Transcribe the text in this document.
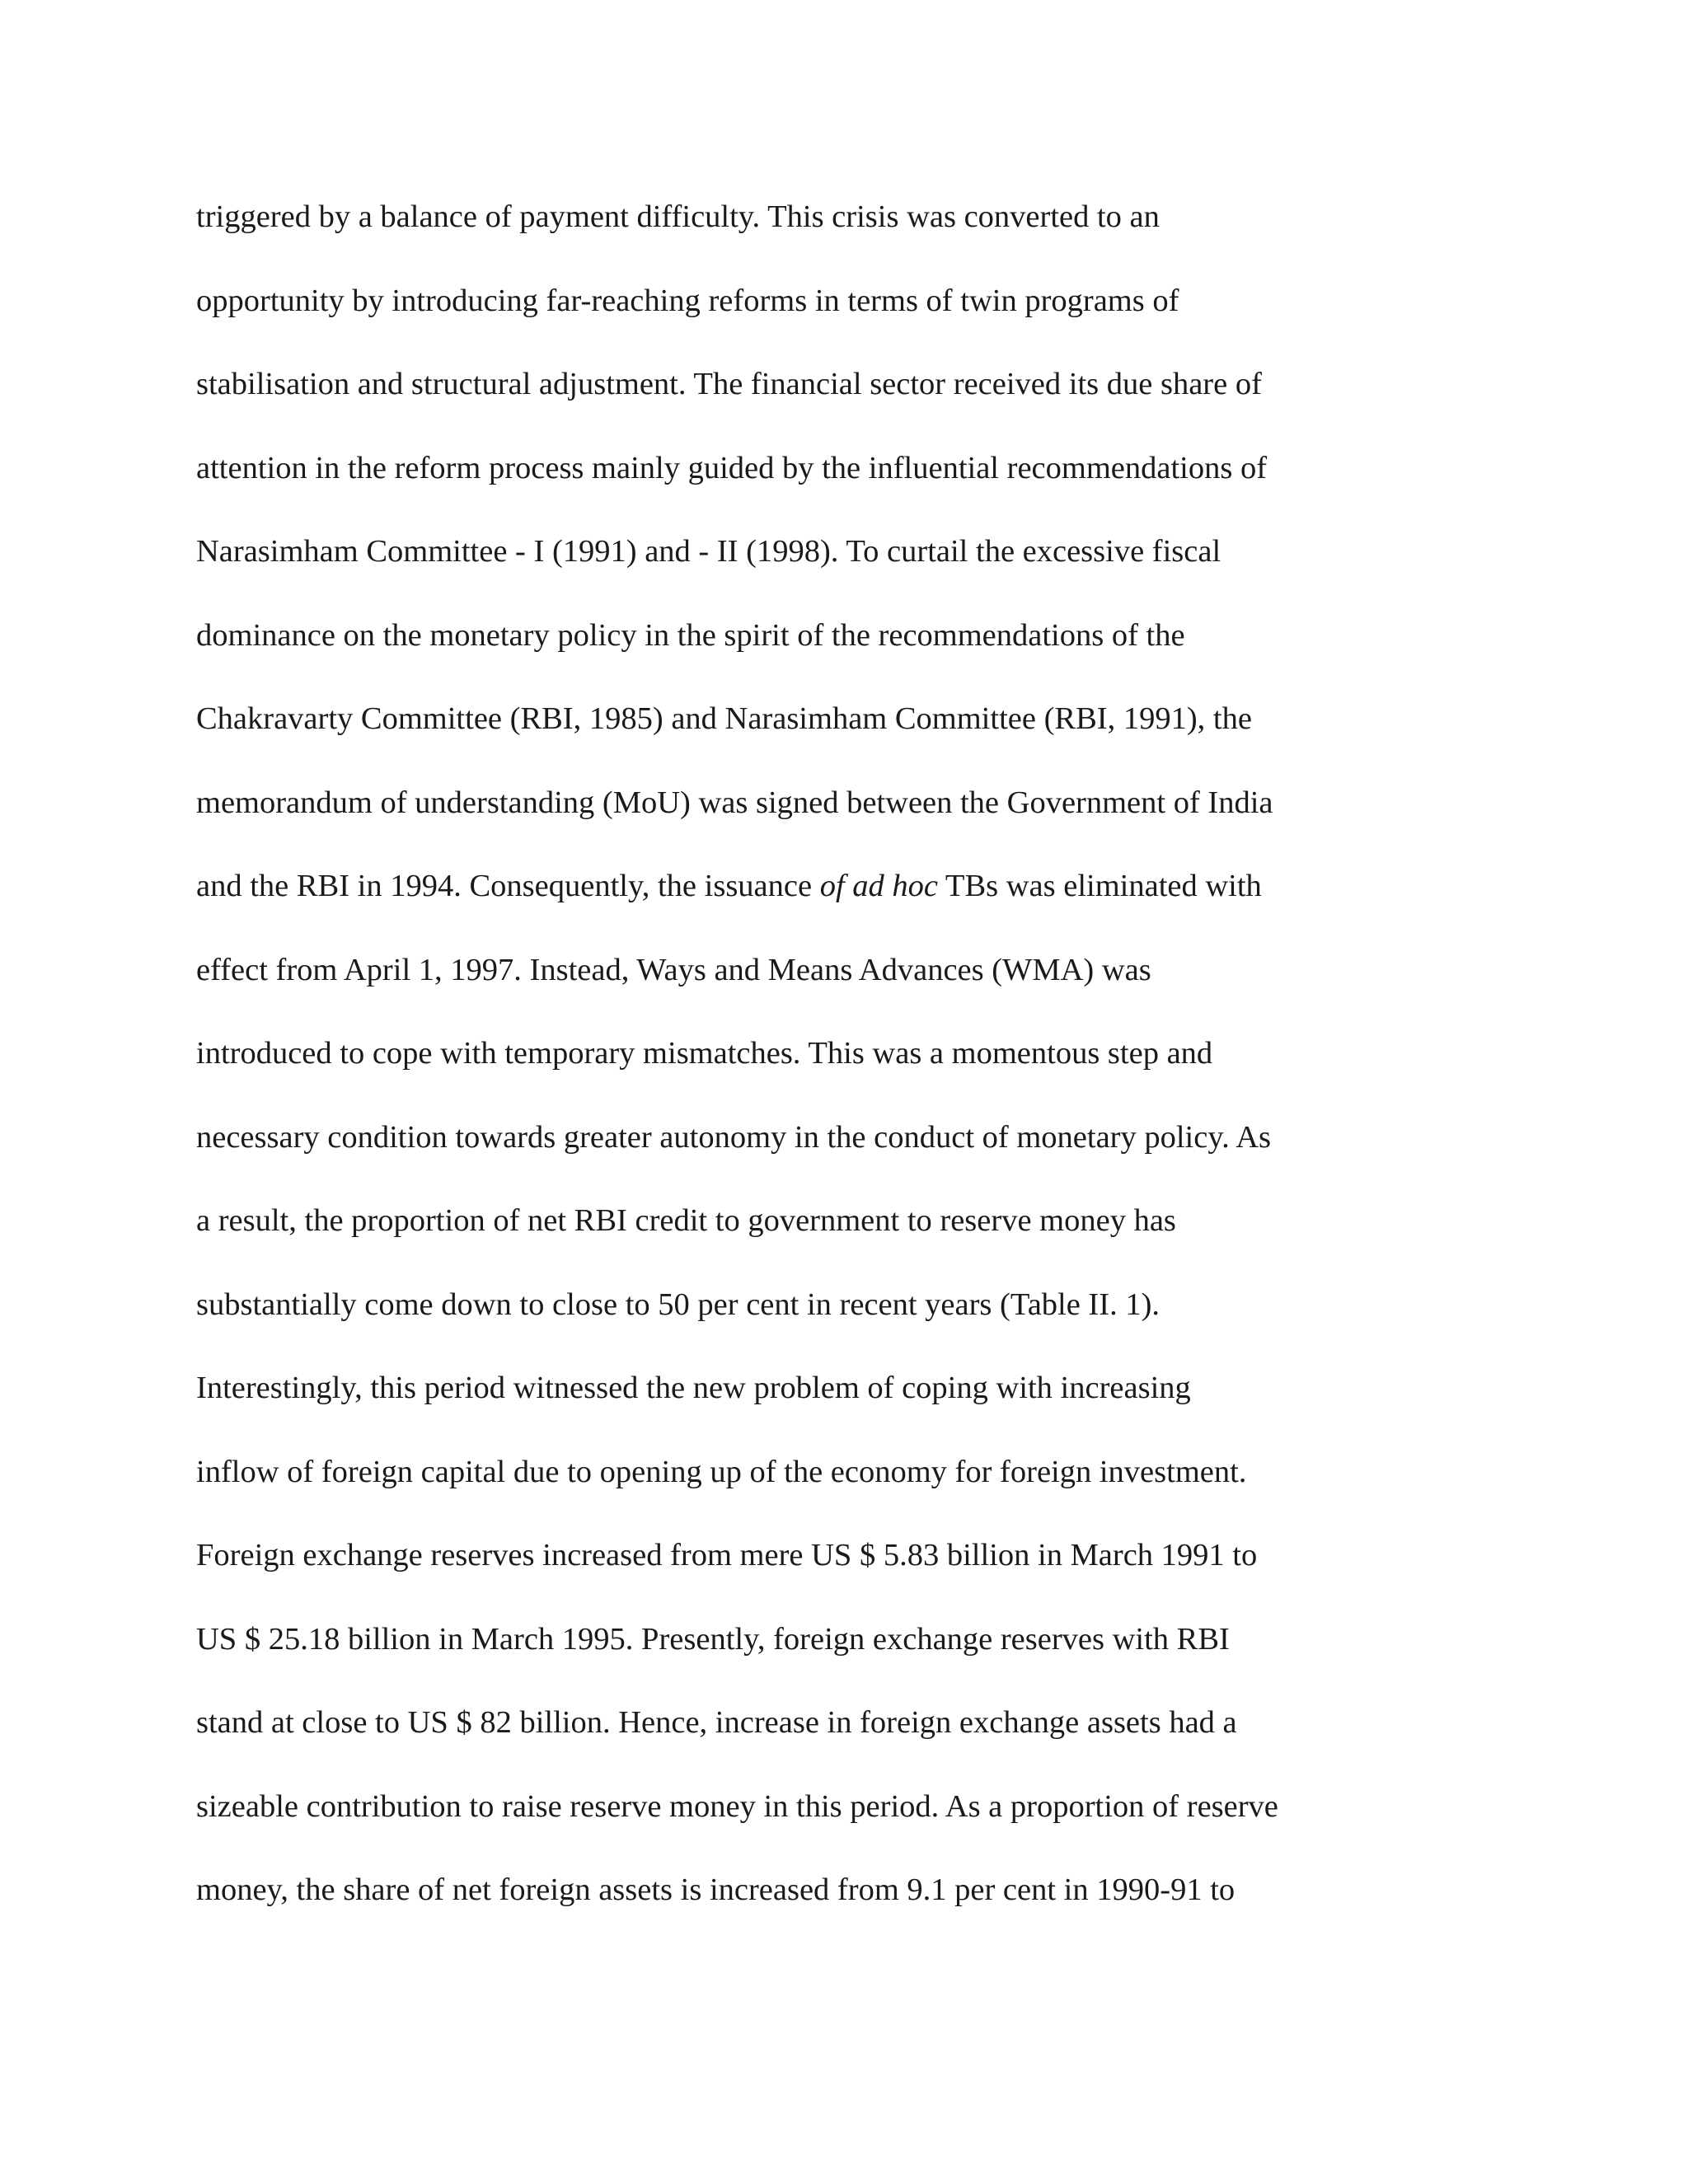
triggered by a balance of payment difficulty. This crisis was converted to an
opportunity by introducing far-reaching reforms in terms of twin programs of
stabilisation and structural adjustment. The financial sector received its due share of
attention in the reform process mainly guided by the influential recommendations of
Narasimham Committee - I (1991) and - II (1998). To curtail the excessive fiscal
dominance on the monetary policy in the spirit of the recommendations of the
Chakravarty Committee (RBI, 1985) and Narasimham Committee (RBI, 1991), the
memorandum of understanding (MoU) was signed between the Government of India
and the RBI in 1994. Consequently, the issuance of ad hoc TBs was eliminated with
effect from April 1, 1997. Instead, Ways and Means Advances (WMA) was
introduced to cope with temporary mismatches. This was a momentous step and
necessary condition towards greater autonomy in the conduct of monetary policy. As
a result, the proportion of net RBI credit to government to reserve money has
substantially come down to close to 50 per cent in recent years (Table II. 1).
Interestingly, this period witnessed the new problem of coping with increasing
inflow of foreign capital due to opening up of the economy for foreign investment.
Foreign exchange reserves increased from mere US $ 5.83 billion in March 1991 to
US $ 25.18 billion in March 1995. Presently, foreign exchange reserves with RBI
stand at close to US $ 82 billion. Hence, increase in foreign exchange assets had a
sizeable contribution to raise reserve money in this period. As a proportion of reserve
money, the share of net foreign assets is increased from 9.1 per cent in 1990-91 to
